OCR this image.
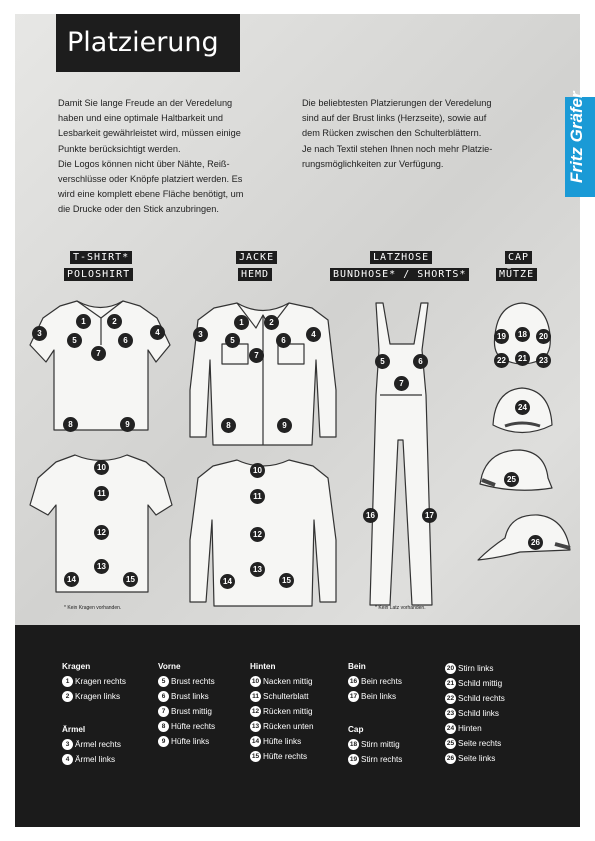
Platzierung

Damit Sie lange Freude an der Veredelung

haben und eine optimale Haltbarkeit und

Lesbarkeit gewährleistet wird, müssen einige

Punkte berücksichtigt werden.

Die Logos können nicht über Nähte, Reiß-

verschlüsse oder Knöpfe platziert werden. Es

wird eine komplett ebene Fläche benötigt, um

die Drucke oder den Stick anzubringen.

Die beliebtesten Platzierungen der Veredelung

sind auf der Brust links (Herzseite), sowie auf

dem Rücken zwischen den Schulterblättern.

Je nach Textil stehen Ihnen noch mehr Platzie-

rungsmöglichkeiten zur Verfügung.	Fritz Gräfer
T-SHIRT*
POLOSHIRT
JACKE
HEMD
LATZHOSE
BUNDHOSE* / SHORTS*
CAP
MÜTZE
1	2
3	4
5	6
7
8	9
10
11
12
13
14	15
1	2
3	4
5	6
7
8	9
10
11
12
13
14	15
5	6
7
16	17
19	18	20
22	21	23
24
25
26
* Kein Kragen vorhanden.	* Kein Latz vorhanden.
Kragen
1 Kragen rechts
2 Kragen links
Ärmel
3 Ärmel rechts
4 Ärmel links
Vorne
5 Brust rechts
6 Brust links
7 Brust mittig
8 Hüfte rechts
9 Hüfte links
Hinten
10 Nacken mittig
11 Schulterblatt
12 Rücken mittig
13 Rücken unten
14 Hüfte links
15 Hüfte rechts
Bein
16 Bein rechts
17 Bein links
Cap
18 Stirn mittig
19 Stirn rechts
20 Stirn links
21 Schild mittig
22 Schild rechts
23 Schild links
24 Hinten
25 Seite rechts
26 Seite links
